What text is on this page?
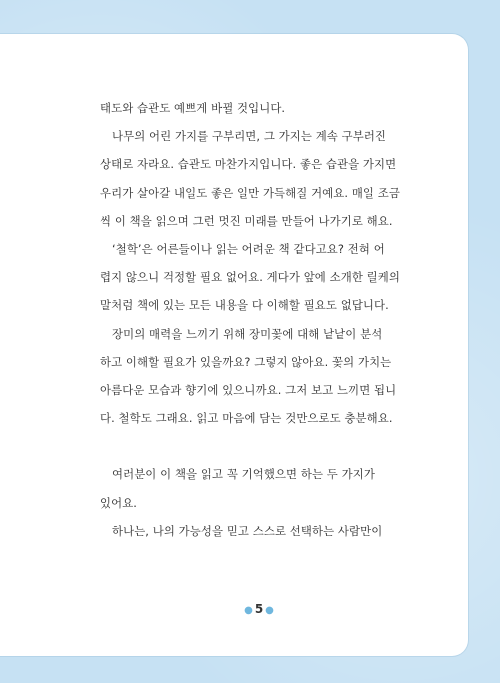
태도와 습관도 예쁘게 바뀔 것입니다.
나무의 어린 가지를 구부리면, 그 가지는 계속 구부러진
상태로 자라요. 습관도 마찬가지입니다. 좋은 습관을 가지면
우리가 살아갈 내일도 좋은 일만 가득해질 거예요. 매일 조금
씩 이 책을 읽으며 그런 멋진 미래를 만들어 나가기로 해요.
‘철학’은 어른들이나 읽는 어려운 책 같다고요? 전혀 어
렵지 않으니 걱정할 필요 없어요. 게다가 앞에 소개한 릴케의
말처럼 책에 있는 모든 내용을 다 이해할 필요도 없답니다.
장미의 매력을 느끼기 위해 장미꽃에 대해 낱낱이 분석
하고 이해할 필요가 있을까요? 그렇지 않아요. 꽃의 가치는
아름다운 모습과 향기에 있으니까요. 그저 보고 느끼면 됩니
다. 철학도 그래요. 읽고 마음에 담는 것만으로도 충분해요.
여러분이 이 책을 읽고 꼭 기억했으면 하는 두 가지가
있어요.
하나는, 나의 가능성을 믿고 스스로 선택하는 사람만이
● 5 ●
